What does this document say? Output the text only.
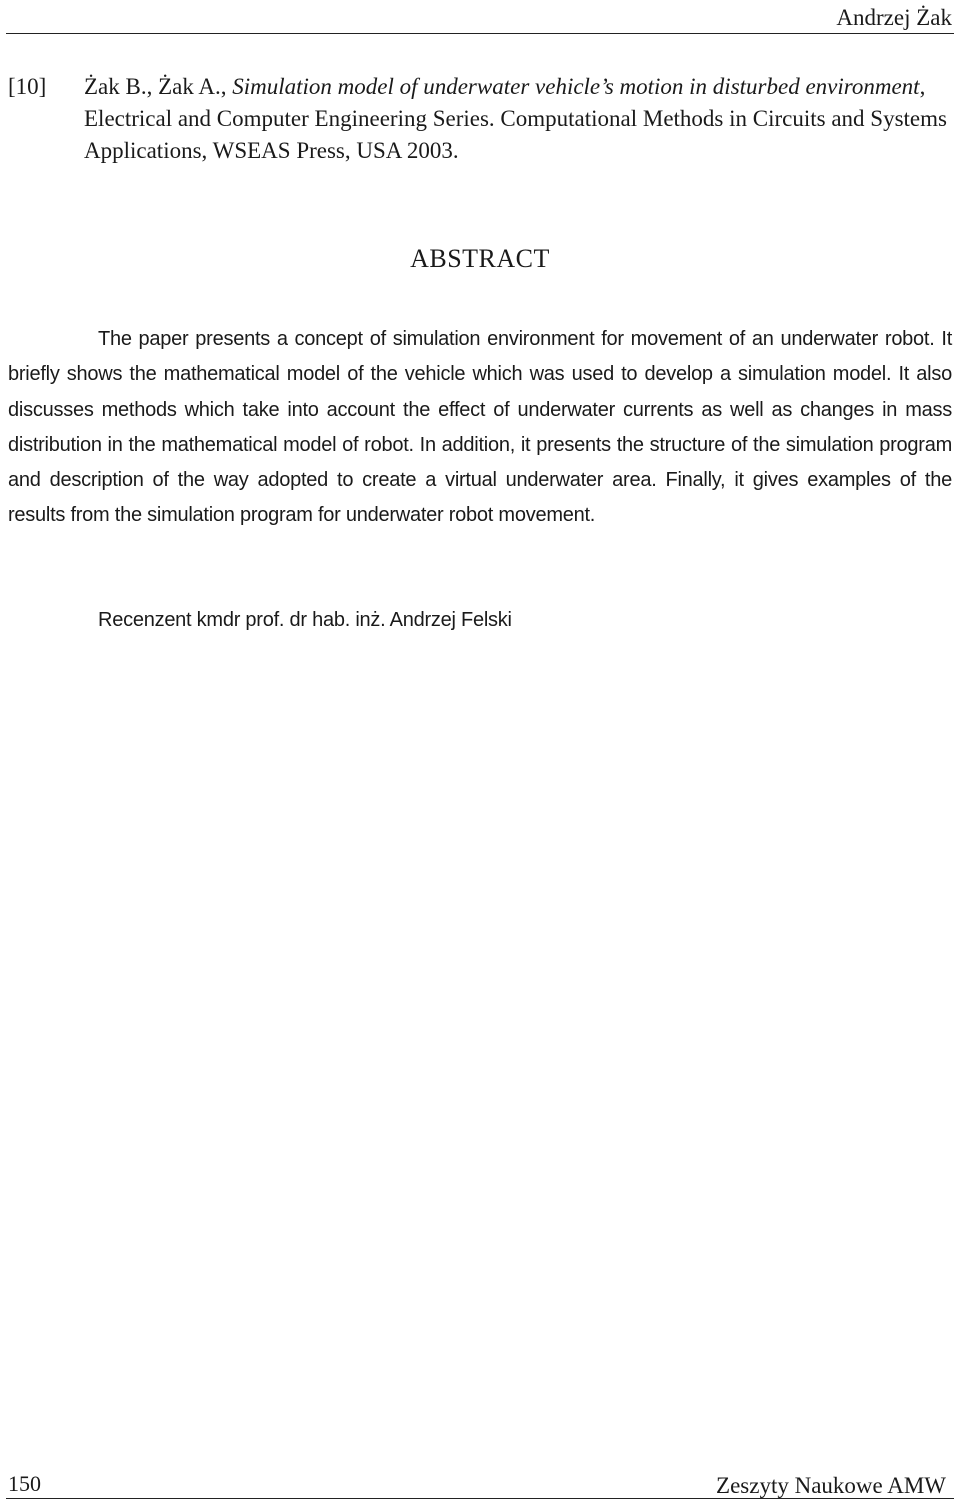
Andrzej Żak
[10] Żak B., Żak A., Simulation model of underwater vehicle’s motion in disturbed environment, Electrical and Computer Engineering Series. Computational Methods in Circuits and Systems Applications, WSEAS Press, USA 2003.
ABSTRACT
The paper presents a concept of simulation environment for movement of an underwater robot. It briefly shows the mathematical model of the vehicle which was used to develop a simulation model. It also discusses methods which take into account the effect of underwater currents as well as changes in mass distribution in the mathematical model of robot. In addition, it presents the structure of the simulation program and description of the way adopted to create a virtual underwater area. Finally, it gives examples of the results from the simulation program for underwater robot movement.
Recenzent kmdr prof. dr hab. inż. Andrzej Felski
150	Zeszyty Naukowe AMW
